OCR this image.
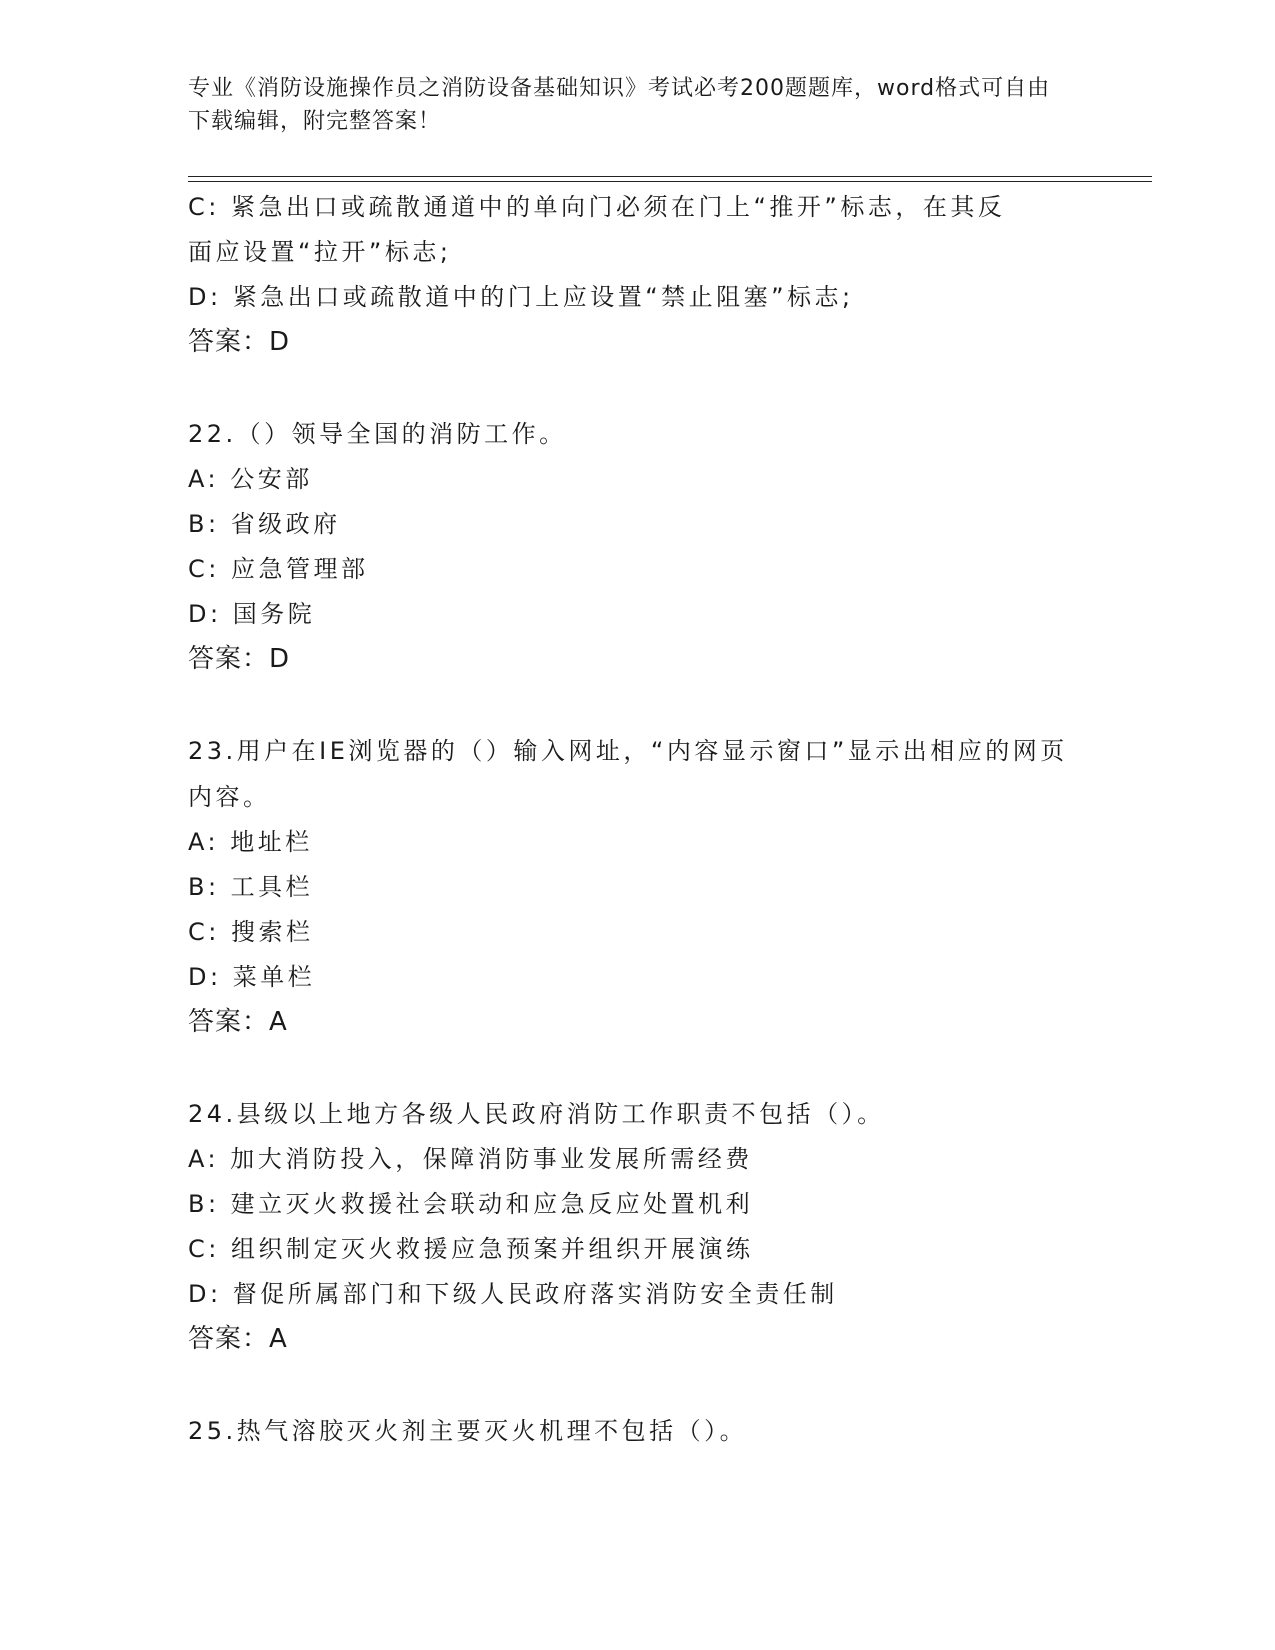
专业《消防设施操作员之消防设备基础知识》考试必考200题题库，word格式可自由下载编辑，附完整答案！
C: 紧急出口或疏散通道中的单向门必须在门上“推开”标志，在其反
面应设置“拉开”标志;
D: 紧急出口或疏散道中的门上应设置“禁止阻塞”标志;
答案：D
22.（）领导全国的消防工作。
A: 公安部
B: 省级政府
C: 应急管理部
D: 国务院
答案：D
23.用户在IE浏览器的（）输入网址，“内容显示窗口”显示出相应的网页内容。
A: 地址栏
B: 工具栏
C: 搜索栏
D: 菜单栏
答案：A
24.县级以上地方各级人民政府消防工作职责不包括（）。
A: 加大消防投入，保障消防事业发展所需经费
B: 建立灭火救援社会联动和应急反应处置机利
C: 组织制定灭火救援应急预案并组织开展演练
D: 督促所属部门和下级人民政府落实消防安全责任制
答案：A
25.热气溶胶灭火剂主要灭火机理不包括（）。
